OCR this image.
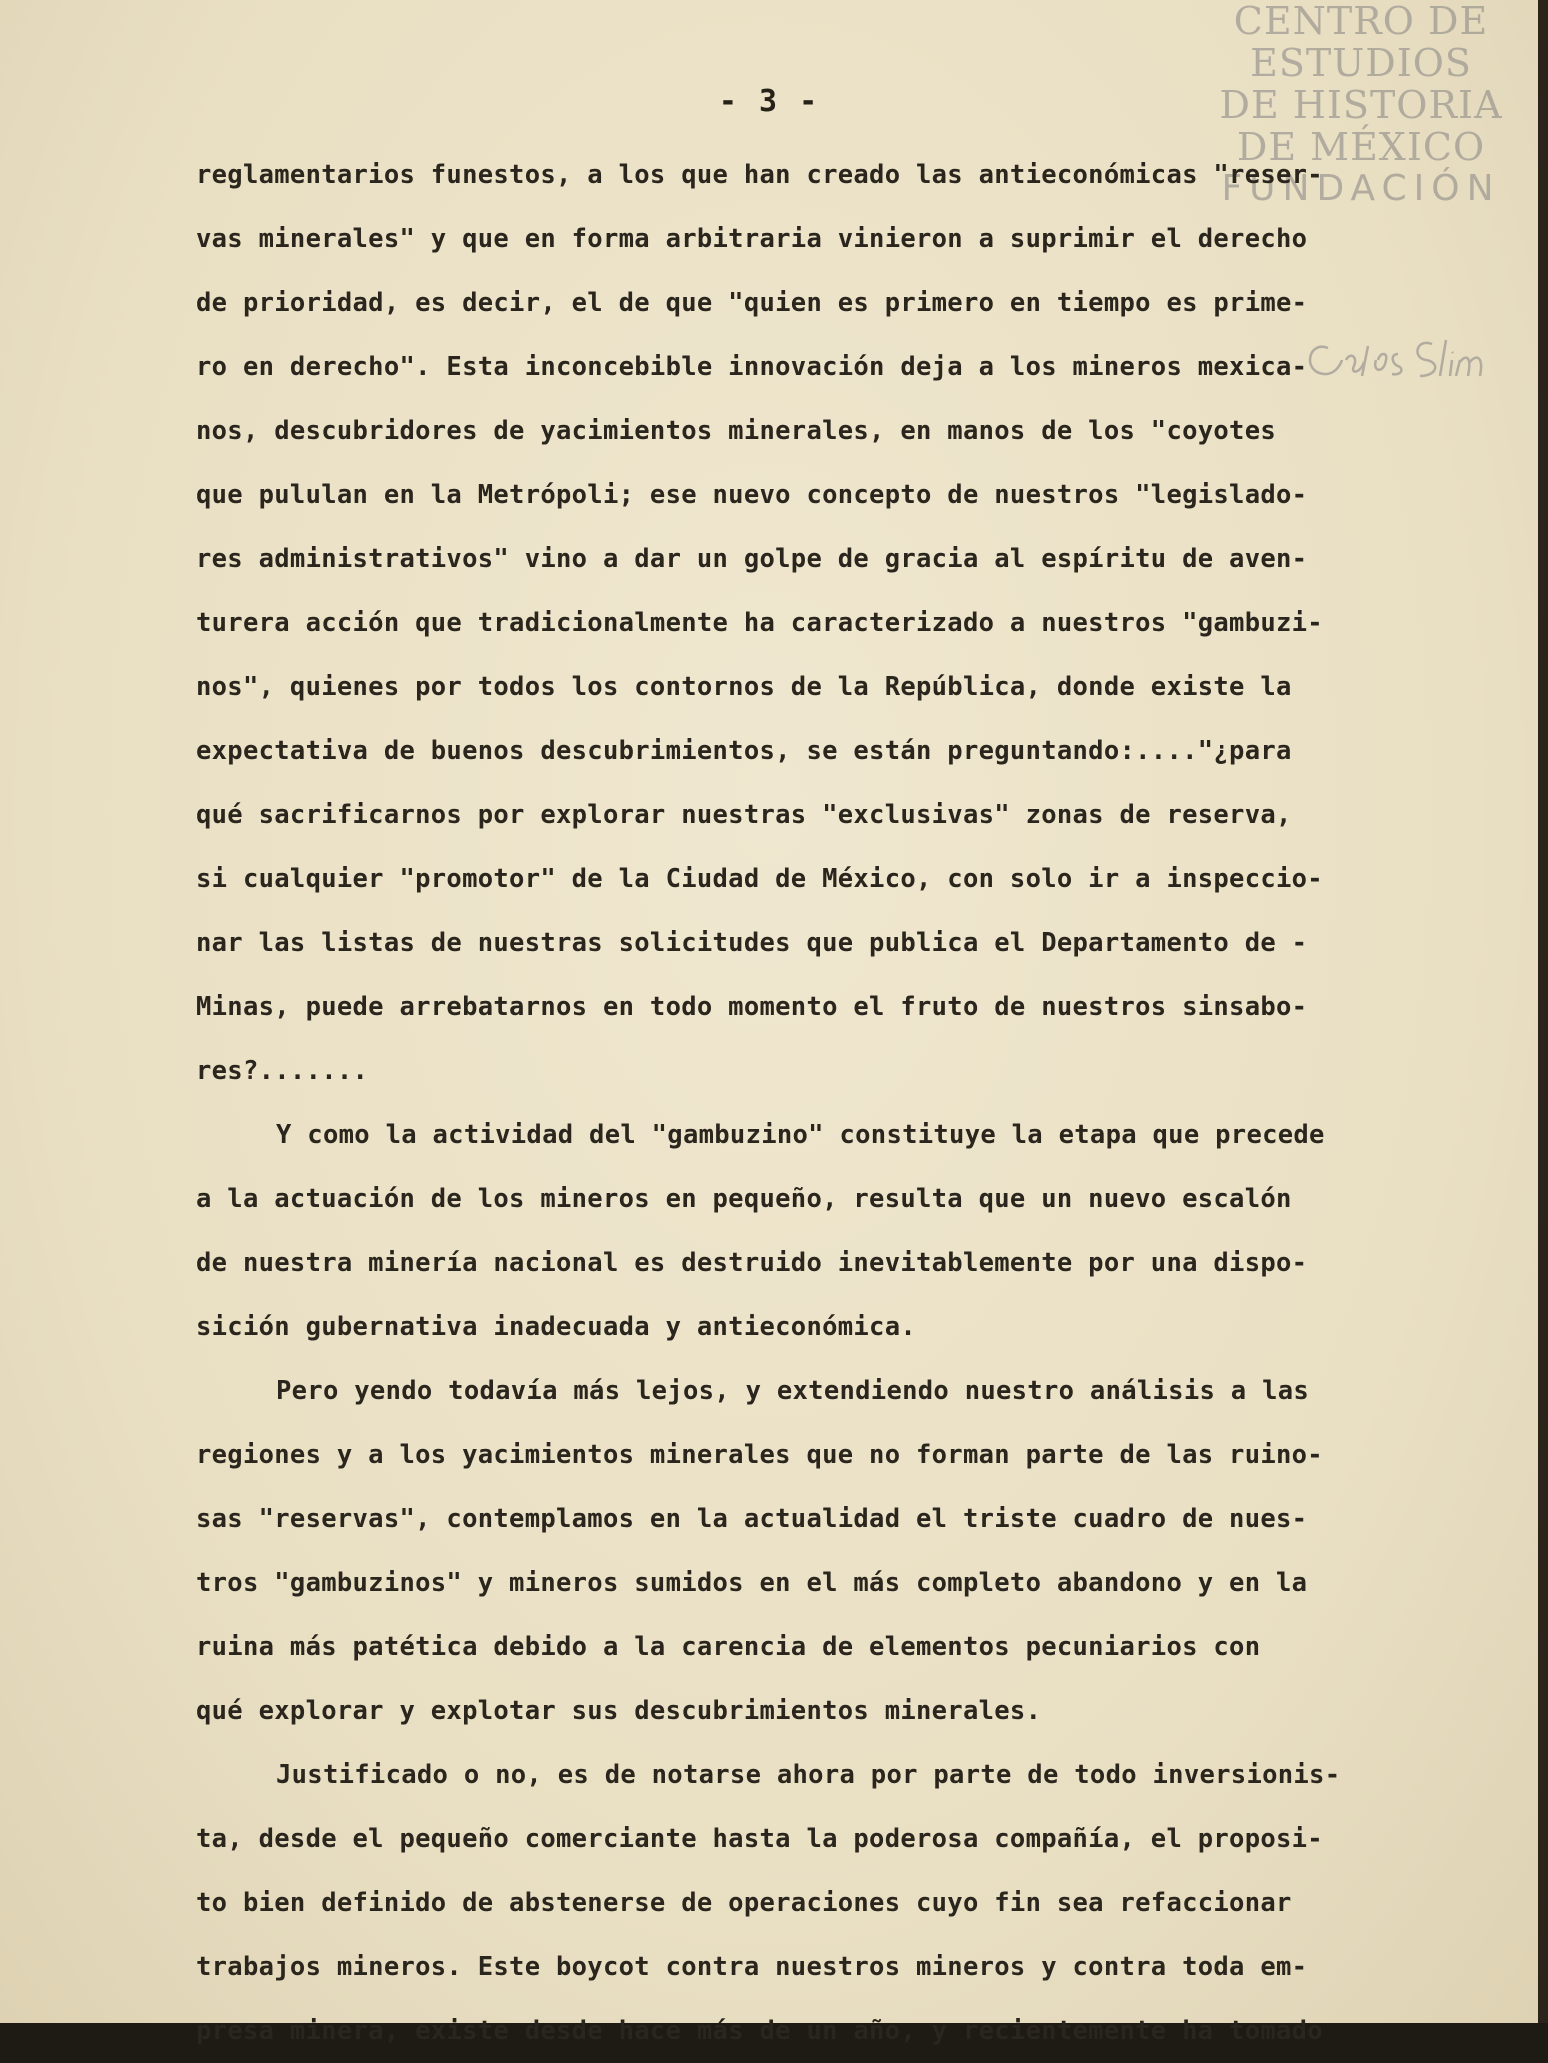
CENTRO DE
ESTUDIOS
DE HISTORIA
DE MÉXICO
FUNDACIÓN
- 3 -
reglamentarios funestos, a los que han creado las antieconómicas "reser-
vas minerales" y que en forma arbitraria vinieron a suprimir el derecho
de prioridad, es decir, el de que "quien es primero en tiempo es prime-
ro en derecho". Esta inconcebible innovación deja a los mineros mexica-
nos, descubridores de yacimientos minerales, en manos de los "coyotes
que pululan en la Metrópoli; ese nuevo concepto de nuestros "legislado-
res administrativos" vino a dar un golpe de gracia al espíritu de aven-
turera acción que tradicionalmente ha caracterizado a nuestros "gambuzi-
nos", quienes por todos los contornos de la República, donde existe la
expectativa de buenos descubrimientos, se están preguntando:...."¿para
qué sacrificarnos por explorar nuestras "exclusivas" zonas de reserva,
si cualquier "promotor" de la Ciudad de México, con solo ir a inspeccio-
nar las listas de nuestras solicitudes que publica el Departamento de -
Minas, puede arrebatarnos en todo momento el fruto de nuestros sinsabo-
res?.......
Y como la actividad del "gambuzino" constituye la etapa que precede
a la actuación de los mineros en pequeño, resulta que un nuevo escalón
de nuestra minería nacional es destruido inevitablemente por una dispo-
sición gubernativa inadecuada y antieconómica.
Pero yendo todavía más lejos, y extendiendo nuestro análisis a las
regiones y a los yacimientos minerales que no forman parte de las ruino-
sas "reservas", contemplamos en la actualidad el triste cuadro de nues-
tros "gambuzinos" y mineros sumidos en el más completo abandono y en la
ruina más patética debido a la carencia de elementos pecuniarios con
qué explorar y explotar sus descubrimientos minerales.
Justificado o no, es de notarse ahora por parte de todo inversionis-
ta, desde el pequeño comerciante hasta la poderosa compañía, el proposi-
to bien definido de abstenerse de operaciones cuyo fin sea refaccionar
trabajos mineros. Este boycot contra nuestros mineros y contra toda em-
presa minera, existe desde hace más de un año, y recientemente ha tomado
